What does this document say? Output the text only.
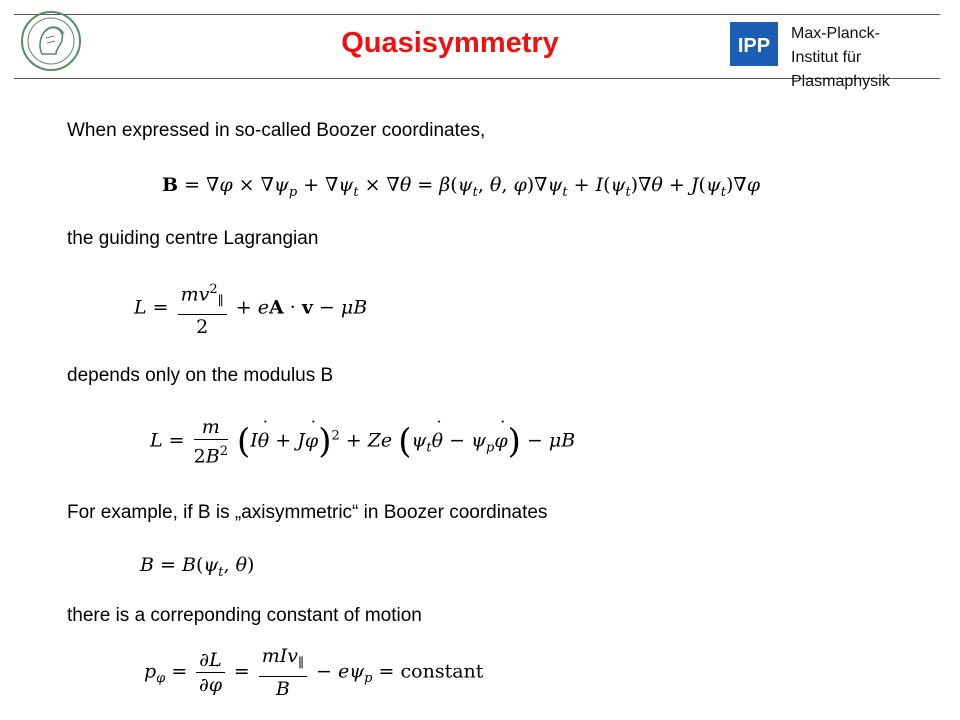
Quasisymmetry	IPP
Max-Planck-
Institut für
Plasmaphysik
When expressed in so-called Boozer coordinates,
$B = \nabla\varphi \times \nabla\psi_p + \nabla\psi_t \times \nabla\theta = \beta(\psi_t$, θ, $\varphi)\nabla\psi_t + I(\psi_t)\nabla\theta + J(\psi_t)\nabla\varphi$
the guiding centre Lagrangian
$L = \frac{mv^2_\parallel}{2}$ + eA · v − μB
depends only on the modulus B
$L = \frac{m}{2B^2} (I\theta$ ˙ + Jφ ˙)$^2$ + Ze ($\psi_t\theta$ ˙ − $\psi_p\varphi$ ˙) − μB
For example, if B is „axisymmetric“ in Boozer coordinates
$B = B(\psi_t$, θ)
there is a correponding constant of motion
$p_\varphi = \frac{\partial L}{\partial\varphi}$ ˙ = $\frac{mIv_\parallel}{B} - e\psi_p$ = constant
